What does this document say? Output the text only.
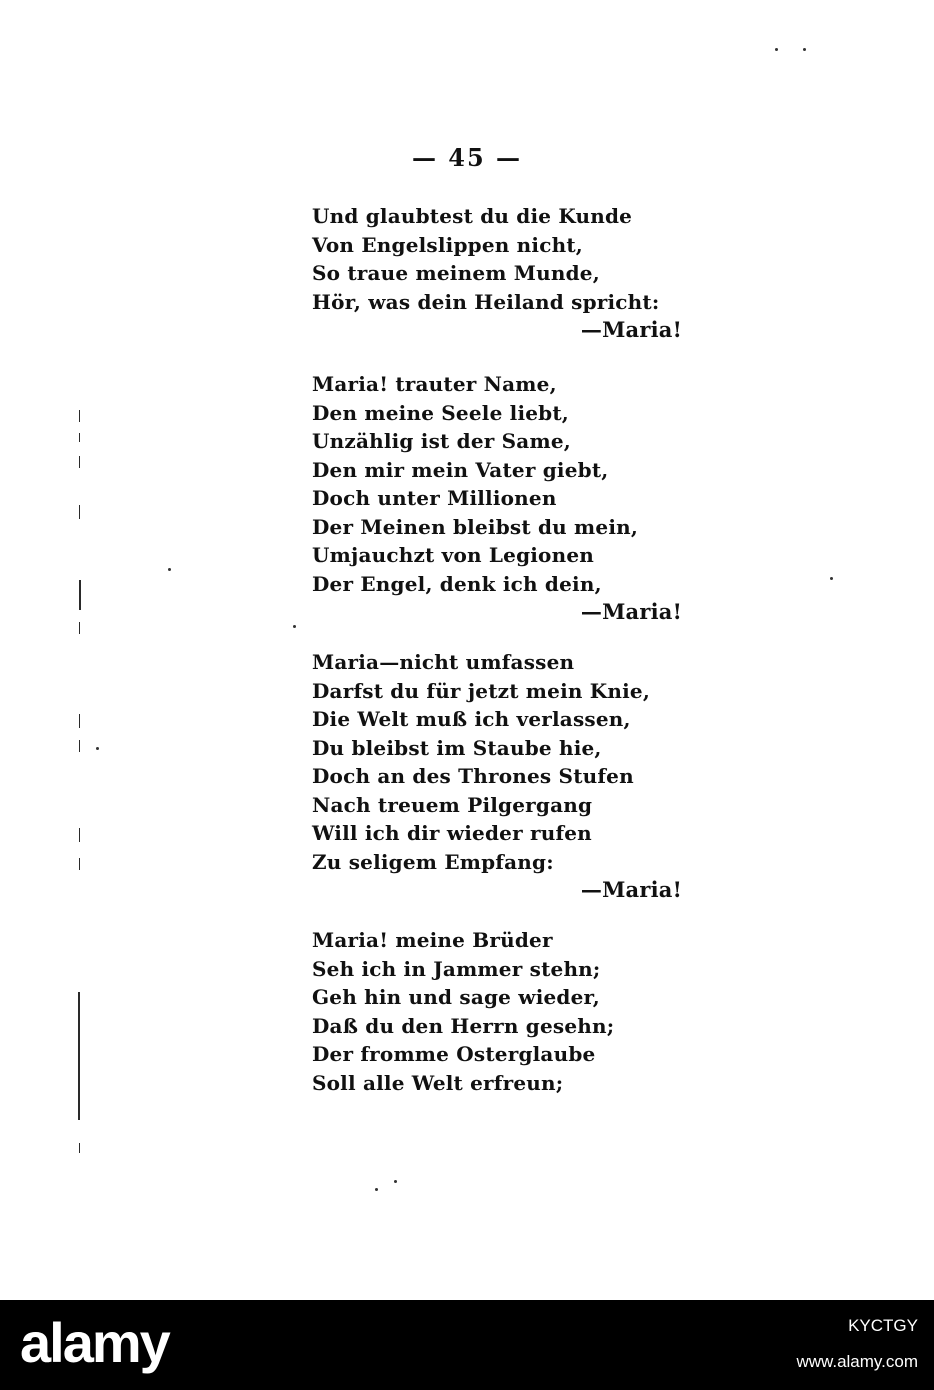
— 45 —
Und glaubtest du die Kunde
Von Engelslippen nicht,
So traue meinem Munde,
Hör, was dein Heiland spricht:
—Maria!
Maria! trauter Name,
Den meine Seele liebt,
Unzählig ist der Same,
Den mir mein Vater giebt,
Doch unter Millionen
Der Meinen bleibst du mein,
Umjauchzt von Legionen
Der Engel, denk ich dein,
—Maria!
Maria—nicht umfassen
Darfst du für jetzt mein Knie,
Die Welt muß ich verlassen,
Du bleibst im Staube hie,
Doch an des Thrones Stufen
Nach treuem Pilgergang
Will ich dir wieder rufen
Zu seligem Empfang:
—Maria!
Maria! meine Brüder
Seh ich in Jammer stehn;
Geh hin und sage wieder,
Daß du den Herrn gesehn;
Der fromme Osterglaube
Soll alle Welt erfreun;
alamy	KYCTGY
www.alamy.com
